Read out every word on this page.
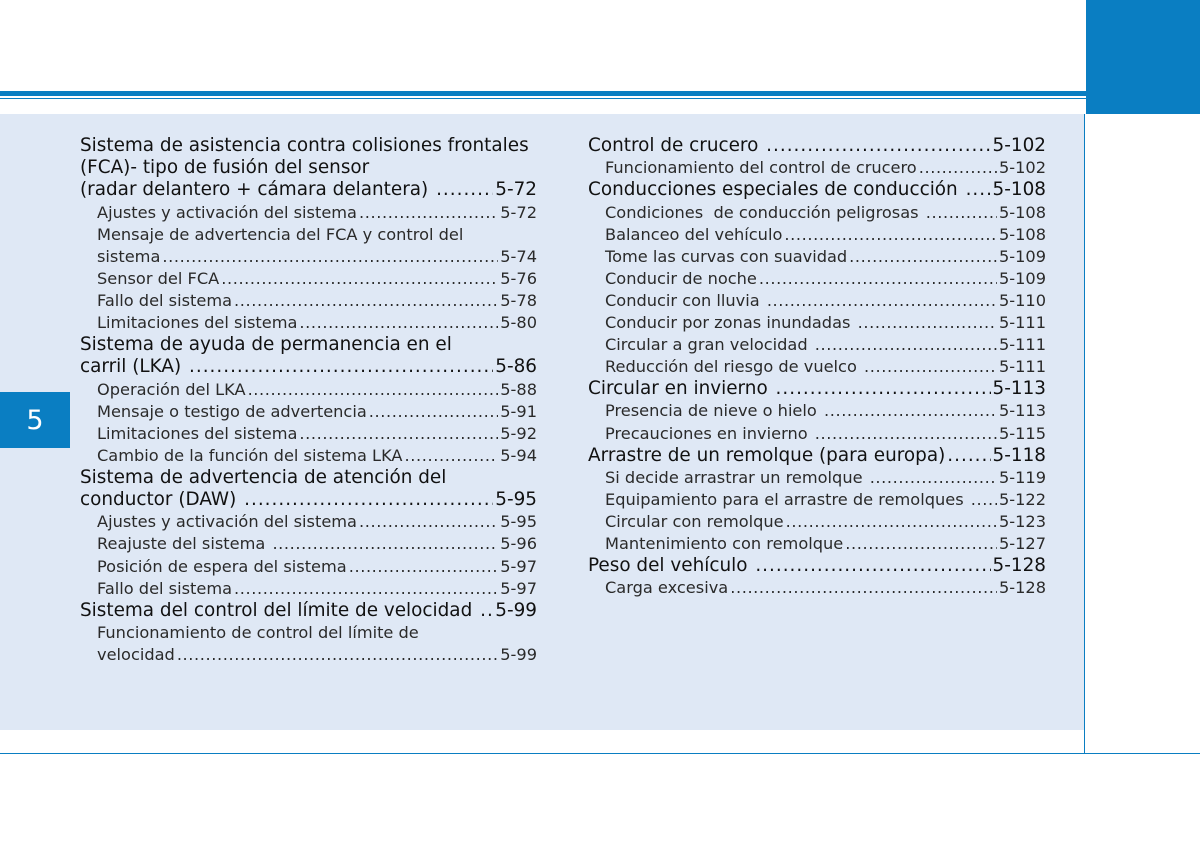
5
Sistema de asistencia contra colisiones frontales
(FCA)- tipo de fusión del sensor
(radar delantero + cámara delantera) .....	5-72
Ajustes y activación del sistema .....	5-72
Mensaje de advertencia del FCA y control del
sistema .....	5-74
Sensor del FCA .....	5-76
Fallo del sistema .....	5-78
Limitaciones del sistema .....	5-80
Sistema de ayuda de permanencia en el
carril (LKA) .....	5-86
Operación del LKA .....	5-88
Mensaje o testigo de advertencia .....	5-91
Limitaciones del sistema .....	5-92
Cambio de la función del sistema LKA .....	5-94
Sistema de advertencia de atención del
conductor (DAW) .....	5-95
Ajustes y activación del sistema .....	5-95
Reajuste del sistema .....	5-96
Posición de espera del sistema .....	5-97
Fallo del sistema .....	5-97
Sistema del control del límite de velocidad ..... 5-99
Funcionamiento de control del límite de
velocidad .....	5-99
Control de crucero .....	5-102
Funcionamiento del control de crucero .....	5-102
Conducciones especiales de conducción ..... 5-108
Condiciones  de conducción peligrosas .....	5-108
Balanceo del vehículo .....	5-108
Tome las curvas con suavidad .....	5-109
Conducir de noche .....	5-109
Conducir con lluvia .....	5-110
Conducir por zonas inundadas .....	5-111
Circular a gran velocidad .....	5-111
Reducción del riesgo de vuelco .....	5-111
Circular en invierno .....	5-113
Presencia de nieve o hielo .....	5-113
Precauciones en invierno .....	5-115
Arrastre de un remolque (para europa) .....	5-118
Si decide arrastrar un remolque .....	5-119
Equipamiento para el arrastre de remolques ..... 5-122
Circular con remolque .....	5-123
Mantenimiento con remolque .....	5-127
Peso del vehículo .....	5-128
Carga excesiva .....	5-128
